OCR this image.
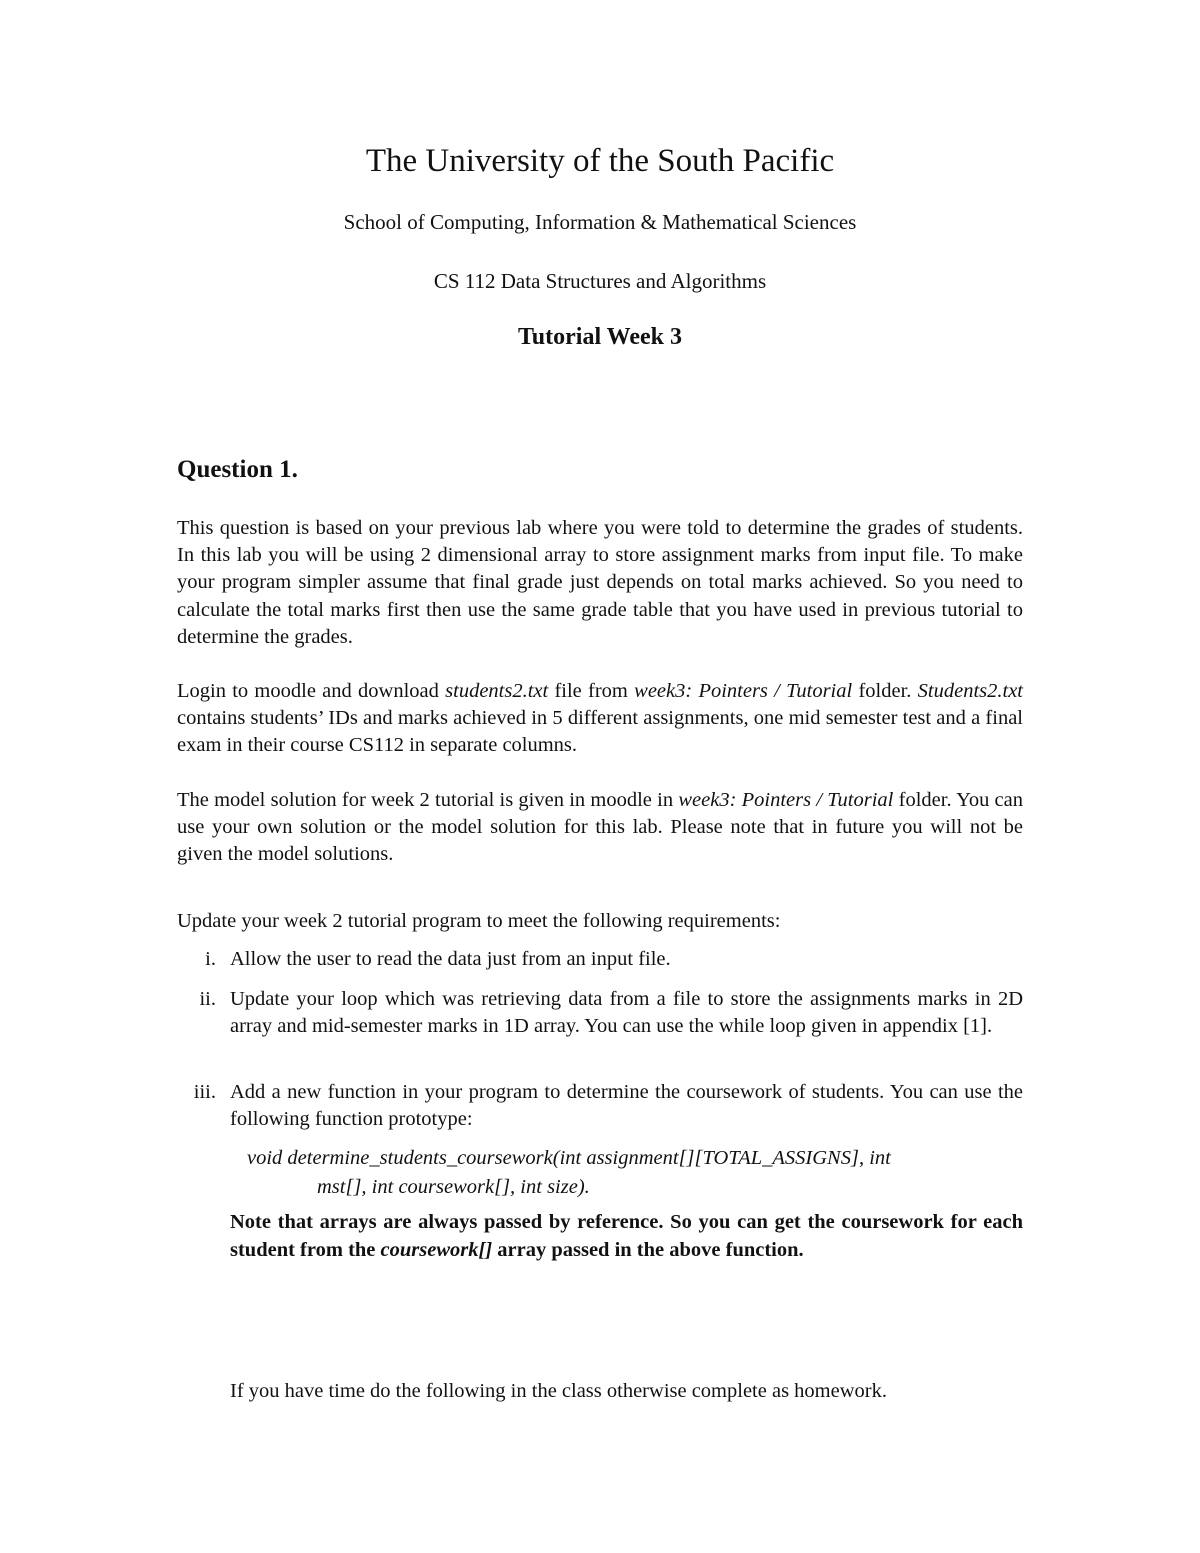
The University of the South Pacific
School of Computing, Information & Mathematical Sciences
CS 112 Data Structures and Algorithms
Tutorial Week 3
Question 1.

This question is based on your previous lab where you were told to determine the grades of students. In this lab you will be using 2 dimensional array to store assignment marks from input file. To make your program simpler assume that final grade just depends on total marks achieved. So you need to calculate the total marks first then use the same grade table that you have used in previous tutorial to determine the grades.

Login to moodle and download students2.txt file from week3: Pointers / Tutorial folder. Students2.txt contains students’ IDs and marks achieved in 5 different assignments, one mid semester test and a final exam in their course CS112 in separate columns.

The model solution for week 2 tutorial is given in moodle in week3: Pointers / Tutorial folder. You can use your own solution or the model solution for this lab. Please note that in future you will not be given the model solutions.

Update your week 2 tutorial program to meet the following requirements:

i. Allow the user to read the data just from an input file.
ii. Update your loop which was retrieving data from a file to store the assignments marks in 2D array and mid-semester marks in 1D array. You can use the while loop given in appendix [1].
iii. Add a new function in your program to determine the coursework of students. You can use the following function prototype:
void determine_students_coursework(int assignment[][TOTAL_ASSIGNS], int
mst[], int coursework[], int size).

Note that arrays are always passed by reference. So you can get the coursework for each student from the coursework[] array passed in the above function.

If you have time do the following in the class otherwise complete as homework.
